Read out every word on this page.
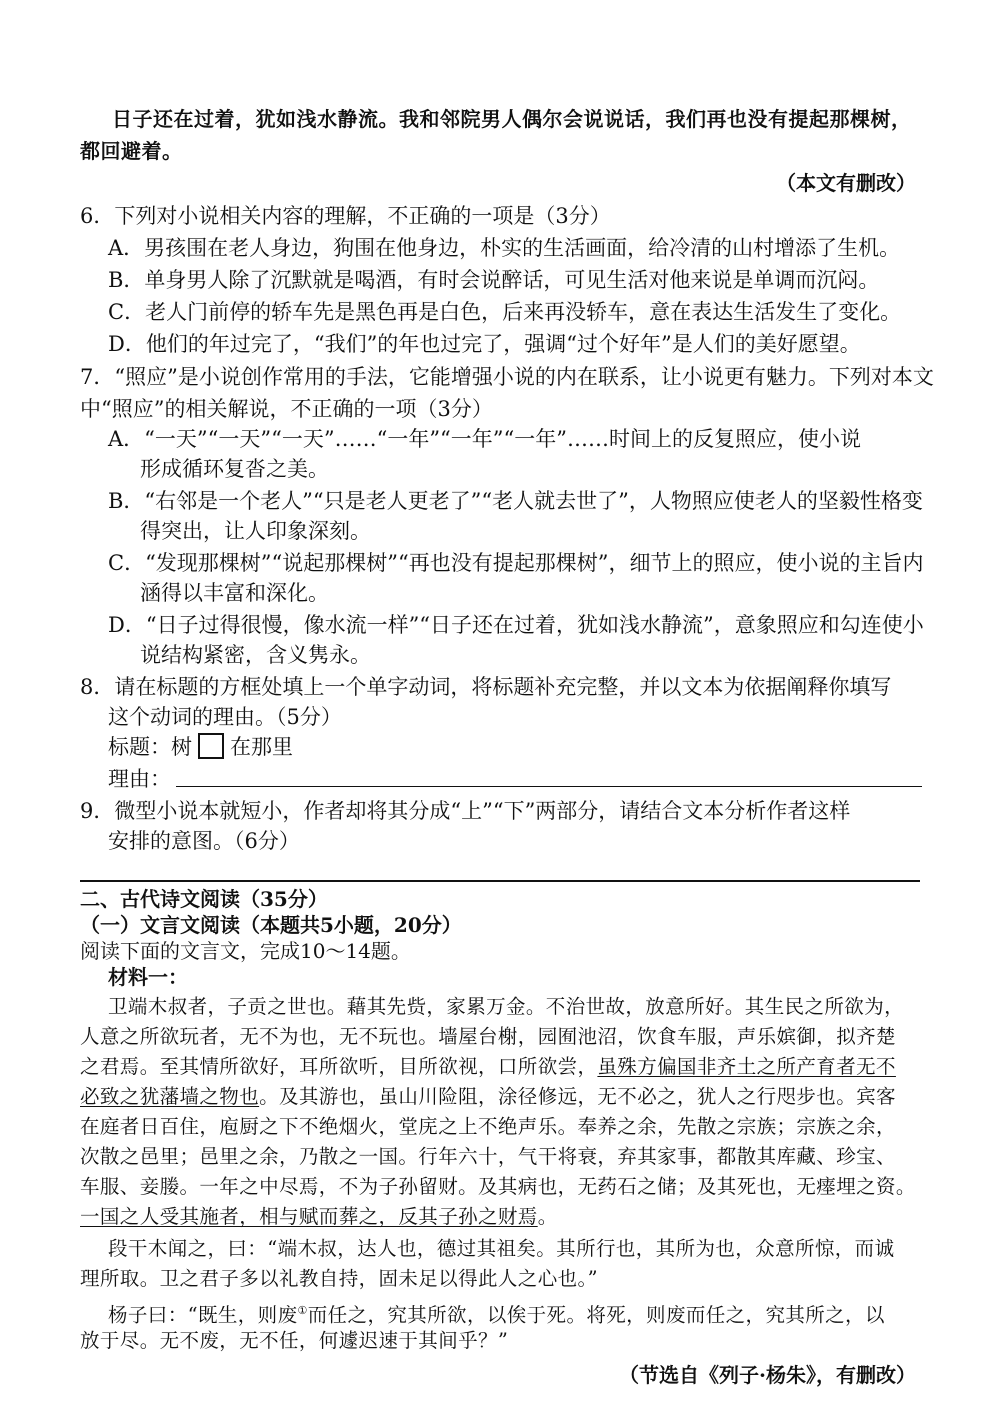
日子还在过着，犹如浅水静流。我和邻院男人偶尔会说说话，我们再也没有提起那棵树，
都回避着。
（本文有删改）
6．下列对小说相关内容的理解，不正确的一项是（3分）
A．男孩围在老人身边，狗围在他身边，朴实的生活画面，给冷清的山村增添了生机。
B．单身男人除了沉默就是喝酒，有时会说醉话，可见生活对他来说是单调而沉闷。
C．老人门前停的轿车先是黑色再是白色，后来再没轿车，意在表达生活发生了变化。
D．他们的年过完了，“我们”的年也过完了，强调“过个好年”是人们的美好愿望。
7．“照应”是小说创作常用的手法，它能增强小说的内在联系，让小说更有魅力。下列对本文
中“照应”的相关解说，不正确的一项（3分）
A．“一天”“一天”“一天”……“一年”“一年”“一年”……时间上的反复照应，使小说
形成循环复沓之美。
B．“右邻是一个老人”“只是老人更老了”“老人就去世了”，人物照应使老人的坚毅性格变
得突出，让人印象深刻。
C．“发现那棵树”“说起那棵树”“再也没有提起那棵树”，细节上的照应，使小说的主旨内
涵得以丰富和深化。
D．“日子过得很慢，像水流一样”“日子还在过着，犹如浅水静流”，意象照应和勾连使小
说结构紧密，含义隽永。
8．请在标题的方框处填上一个单字动词，将标题补充完整，并以文本为依据阐释你填写
这个动词的理由。（5分）
标题：树 在那里
理由：
9．微型小说本就短小，作者却将其分成“上”“下”两部分，请结合文本分析作者这样
安排的意图。（6分）
二、古代诗文阅读（35分）
（一）文言文阅读（本题共5小题，20分）
阅读下面的文言文，完成10～14题。
材料一：
卫端木叔者，子贡之世也。藉其先赀，家累万金。不治世故，放意所好。其生民之所欲为，
人意之所欲玩者，无不为也，无不玩也。墙屋台榭，园囿池沼，饮食车服，声乐嫔御，拟齐楚
之君焉。至其情所欲好，耳所欲听，目所欲视，口所欲尝，虽殊方偏国非齐土之所产育者无不
必致之犹藩墙之物也。及其游也，虽山川险阻，涂径修远，无不必之，犹人之行咫步也。宾客
在庭者日百住，庖厨之下不绝烟火，堂庑之上不绝声乐。奉养之余，先散之宗族；宗族之余，
次散之邑里；邑里之余，乃散之一国。行年六十，气干将衰，弃其家事，都散其库藏、珍宝、
车服、妾媵。一年之中尽焉，不为子孙留财。及其病也，无药石之储；及其死也，无瘗埋之资。
一国之人受其施者，相与赋而葬之，反其子孙之财焉。
段干木闻之，曰：“端木叔，达人也，德过其祖矣。其所行也，其所为也，众意所惊，而诚
理所取。卫之君子多以礼教自持，固未足以得此人之心也。”
杨子曰：“既生，则废①而任之，究其所欲，以俟于死。将死，则废而任之，究其所之，以
放于尽。无不废，无不任，何遽迟速于其间乎？”
（节选自《列子·杨朱》，有删改）
